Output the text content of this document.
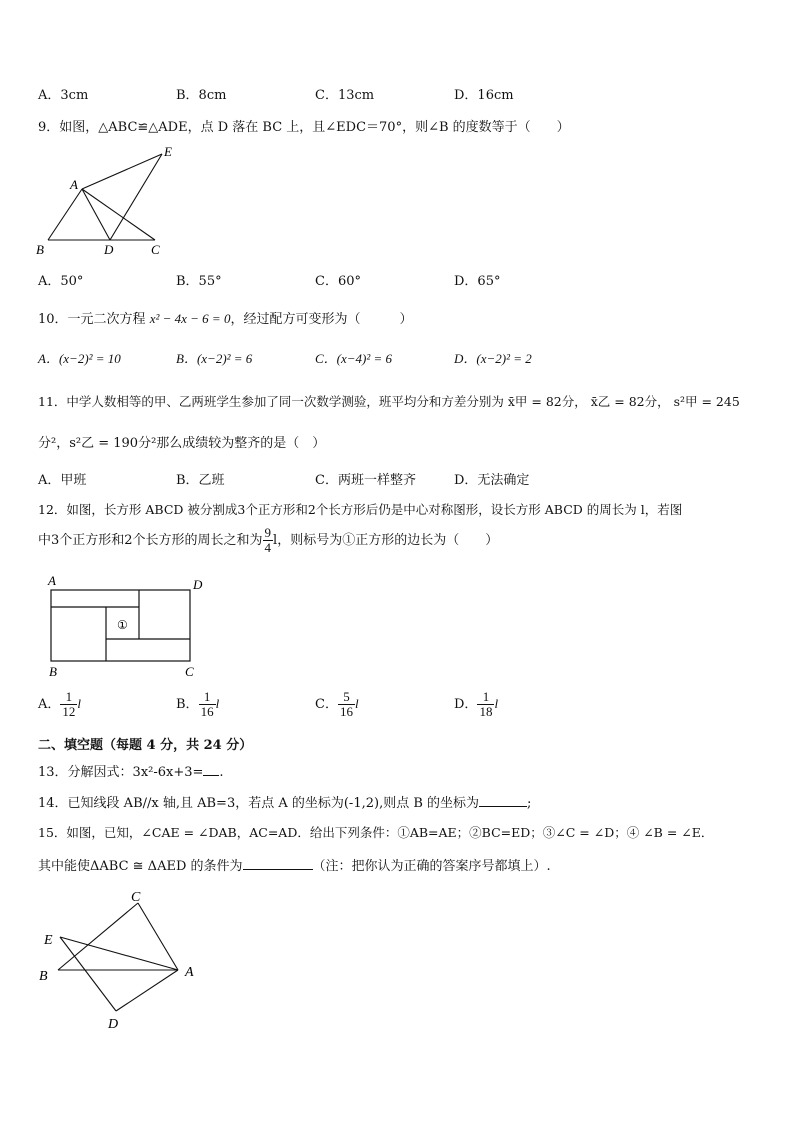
A．3cm	B．8cm	C．13cm	D．16cm
9．如图，△ABC≌△ADE，点 D 落在 BC 上，且∠EDC＝70°，则∠B 的度数等于（　　）
A
B	D	C
E
A．50°	B．55°	C．60°	D．65°
10．一元二次方程 x² − 4x − 6 = 0，经过配方可变形为（　　　）
A．(x−2)² = 10	B．(x−2)² = 6	C．(x−4)² = 6	D．(x−2)² = 2
11．中学人数相等的甲、乙两班学生参加了同一次数学测验，班平均分和方差分别为 x̄甲 = 82分， x̄乙 = 82分， s²甲 = 245
分²，s²乙 = 190分²那么成绩较为整齐的是（　）
A．甲班	B．乙班	C．两班一样整齐	D．无法确定
12．如图，长方形 ABCD 被分割成3个正方形和2个长方形后仍是中心对称图形，设长方形 ABCD 的周长为 l，若图
中3个正方形和2个长方形的周长之和为 $\frac{9}{4}$ l，则标号为①正方形的边长为（　　）
①
A	D
B	C
A． $\frac{1}{12}$ l	B． $\frac{1}{16}$ l	C． $\frac{5}{16}$ l	D． $\frac{1}{18}$ l
二、填空题（每题 4 分，共 24 分）
13．分解因式：3x²-6x+3= .
14．已知线段 AB//x 轴,且 AB=3，若点 A 的坐标为(-1,2),则点 B 的坐标为	;
15．如图，已知，∠CAE = ∠DAB，AC=AD．给出下列条件：①AB=AE；②BC=ED；③∠C = ∠D；④ ∠B = ∠E．
其中能使ΔABC ≅ ΔAED 的条件为	（注：把你认为正确的答案序号都填上）.
C
E
B	A
D
